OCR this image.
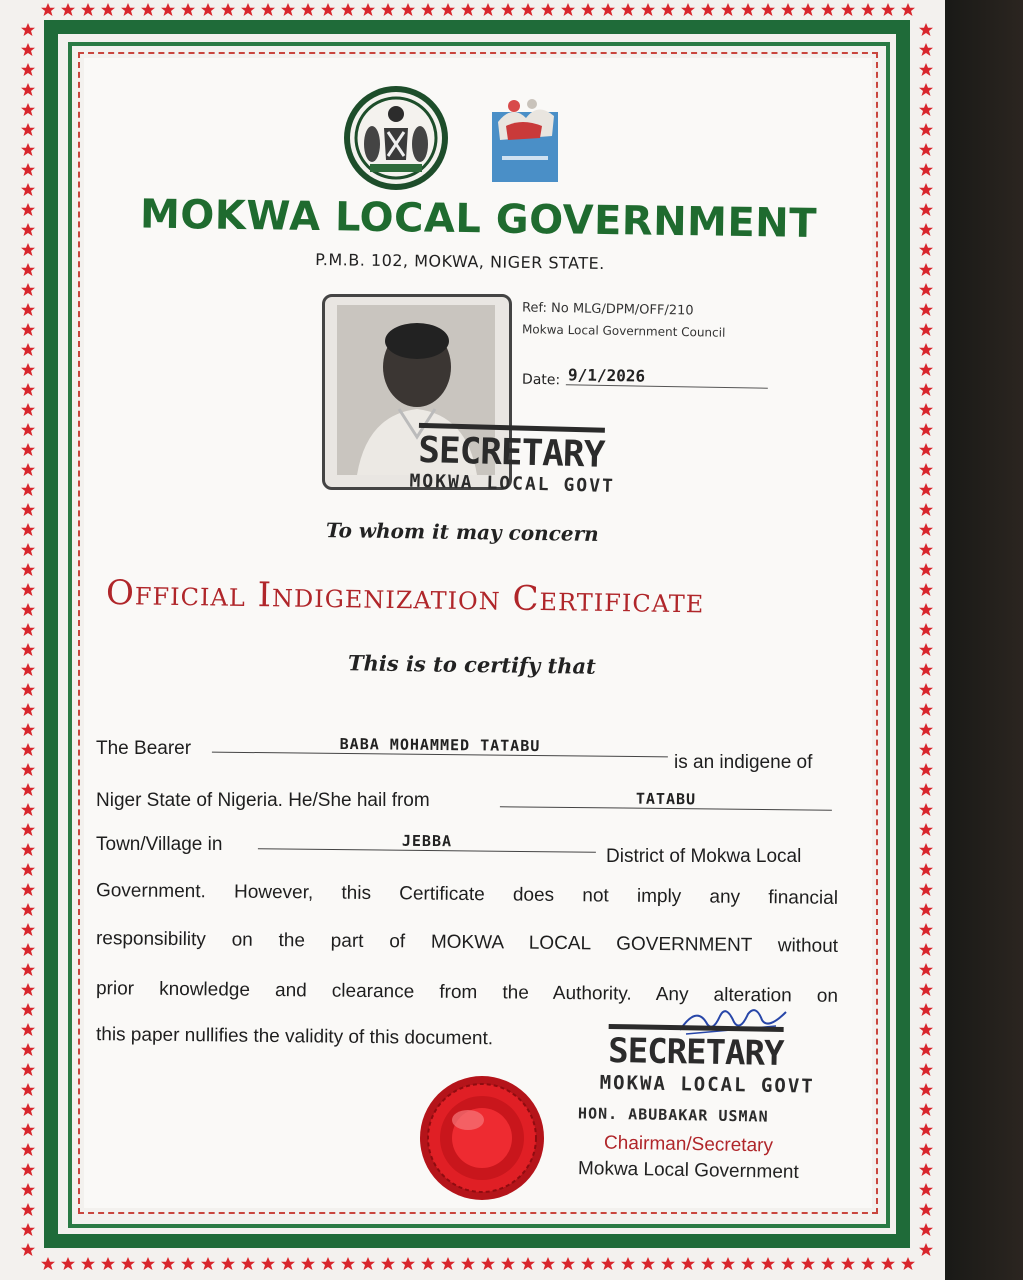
MOKWA LOCAL GOVERNMENT
P.M.B. 102, MOKWA, NIGER STATE.
Ref: No MLG/DPM/OFF/210
Mokwa Local Government Council
Date: 9/1/2026
SECRETARY
MOKWA LOCAL GOVT
To whom it may concern
Official Indigenization Certificate
This is to certify that
The Bearer	BABA MOHAMMED TATABU
is an indigene of
Niger State of Nigeria. He/She hail from	TATABU
Town/Village in	JEBBA
District of Mokwa Local
Government. However, this Certificate does not imply any financial
responsibility on the part of MOKWA LOCAL GOVERNMENT without
prior knowledge and clearance from the Authority. Any alteration on
this paper nullifies the validity of this document.	SECRETARY
MOKWA LOCAL GOVT
HON. ABUBAKAR USMAN
Chairman/Secretary
Mokwa Local Government
